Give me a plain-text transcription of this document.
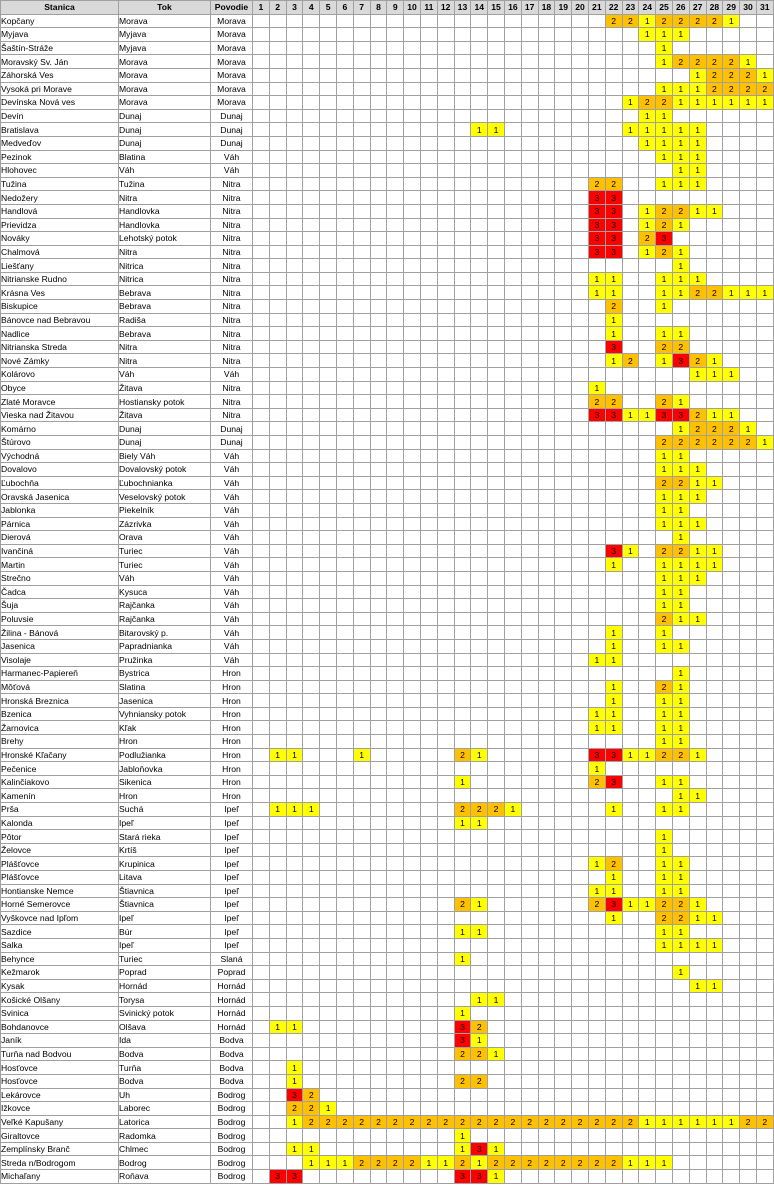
Stanica	Tok	Povodie	1	2	3	4	5	6	7	8	9	10	11	12	13	14	15	16	17	18	19	20	21	22	23	24	25	26	27	28	29	30	31
Kopčany	Morava	Morava																						2	2	1	2	2	2	2	1		
Myjava	Myjava	Morava																								1	1	1					
Šaštín-Stráže	Myjava	Morava																									1						
Moravský Sv. Ján	Morava	Morava																									1	2	2	2	2	1	
Záhorská Ves	Morava	Morava																											1	2	2	2	1
Vysoká pri Morave	Morava	Morava																									1	1	1	2	2	2	2
Devínska Nová ves	Morava	Morava																							1	2	2	1	1	1	1	1	1
Devín	Dunaj	Dunaj																								1	1						
Bratislava	Dunaj	Dunaj														1	1								1	1	1	1	1				
Medveďov	Dunaj	Dunaj																								1	1	1	1				
Pezinok	Blatina	Váh																									1	1	1				
Hlohovec	Váh	Váh																										1	1				
Tužina	Tužina	Nitra																					2	2			1	1	1				
Nedožery	Nitra	Nitra																					3	3									
Handlová	Handlovka	Nitra																					3	3		1	2	2	1	1			
Prievidza	Handlovka	Nitra																					3	3		1	2	1					
Nováky	Lehotský potok	Nitra																					3	3		2	3						
Chalmová	Nitra	Nitra																					3	3		1	2	1					
Liešťany	Nitrica	Nitra																										1					
Nitrianske Rudno	Nitrica	Nitra																					1	1			1	1	1				
Krásna Ves	Bebrava	Nitra																					1	1			1	1	2	2	1	1	1
Biskupice	Bebrava	Nitra																						2			1						
Bánovce nad Bebravou	Radiša	Nitra																						1									
Nadlice	Bebrava	Nitra																						1			1	1					
Nitrianska Streda	Nitra	Nitra																						3			2	2					
Nové Zámky	Nitra	Nitra																						1	2		1	3	2	1			
Kolárovo	Váh	Váh																											1	1	1		
Obyce	Žitava	Nitra																					1										
Zlaté Moravce	Hostiansky potok	Nitra																					2	2			2	1					
Vieska nad Žitavou	Žitava	Nitra																					3	3	1	1	3	3	2	1	1		
Komárno	Dunaj	Dunaj																										1	2	2	2	1	
Štúrovo	Dunaj	Dunaj																									2	2	2	2	2	2	1
Východná	Biely Váh	Váh																									1	1					
Dovalovo	Dovalovský potok	Váh																									1	1	1				
Ľubochňa	Ľubochnianka	Váh																									2	2	1	1			
Oravská Jasenica	Veselovský potok	Váh																									1	1	1				
Jablonka	Piekelník	Váh																									1	1					
Párnica	Zázrivka	Váh																									1	1	1				
Dierová	Orava	Váh																										1					
Ivančiná	Turiec	Váh																						3	1		2	2	1	1			
Martin	Turiec	Váh																						1			1	1	1	1			
Strečno	Váh	Váh																									1	1	1				
Čadca	Kysuca	Váh																									1	1					
Šuja	Rajčanka	Váh																									1	1					
Poluvsie	Rajčanka	Váh																									2	1	1				
Žilina - Bánová	Bitarovský p.	Váh																						1			1						
Jasenica	Papradnianka	Váh																						1			1	1					
Visolaje	Pružinka	Váh																					1	1									
Harmanec-Papiereň	Bystrica	Hron																										1					
Môťová	Slatina	Hron																						1			2	1					
Hronská Breznica	Jasenica	Hron																						1			1	1					
Bzenica	Vyhniansky potok	Hron																					1	1			1	1					
Žarnovica	Kľak	Hron																					1	1			1	1					
Brehy	Hron	Hron																									1	1					
Hronské Kľačany	Podlužianka	Hron		1	1				1						2	1							3	3	1	1	2	2	1				
Pečenice	Jabloňovka	Hron																					1										
Kalinčiakovo	Sikenica	Hron													1								2	3			1	1					
Kamenín	Hron	Hron																										1	1				
Prša	Suchá	Ipeľ		1	1	1									2	2	2	1						1			1	1					
Kalonda	Ipeľ	Ipeľ													1	1																	
Pôtor	Stará rieka	Ipeľ																									1						
Želovce	Krtíš	Ipeľ																									1						
Plášťovce	Krupinica	Ipeľ																					1	2			1	1					
Plášťovce	Litava	Ipeľ																						1			1	1					
Hontianske Nemce	Štiavnica	Ipeľ																					1	1			1	1					
Horné Semerovce	Štiavnica	Ipeľ													2	1							2	3	1	1	2	2	1				
Vyškovce nad Ipľom	Ipeľ	Ipeľ																						1			2	2	1	1			
Sazdice	Búr	Ipeľ													1	1											1	1					
Salka	Ipeľ	Ipeľ																									1	1	1	1			
Behynce	Turiec	Slaná													1																		
Kežmarok	Poprad	Poprad																										1					
Kysak	Hornád	Hornád																											1	1			
Košické Olšany	Torysa	Hornád														1	1																
Svinica	Svinický potok	Hornád													1																		
Bohdanovce	Olšava	Hornád		1	1										3	2																	
Janík	Ida	Bodva													3	1																	
Turňa nad Bodvou	Bodva	Bodva													2	2	1																
Hosťovce	Turňa	Bodva			1																												
Hosťovce	Bodva	Bodva			1										2	2																	
Lekárovce	Uh	Bodrog			3	2																											
Ižkovce	Laborec	Bodrog			2	2	1																										
Veľké Kapušany	Latorica	Bodrog			1	2	2	2	2	2	2	2	2	2	2	2	2	2	2	2	2	2	2	2	2	1	1	1	1	1	1	2	2
Giraltovce	Radomka	Bodrog													1																		
Zemplínsky Branč	Chlmec	Bodrog			1	1									1	3	1																
Streda n/Bodrogom	Bodrog	Bodrog				1	1	1	2	2	2	2	1	1	2	1	2	2	2	2	2	2	2	2	1	1	1						
Michaľany	Roňava	Bodrog		3	3										3	3	1																
